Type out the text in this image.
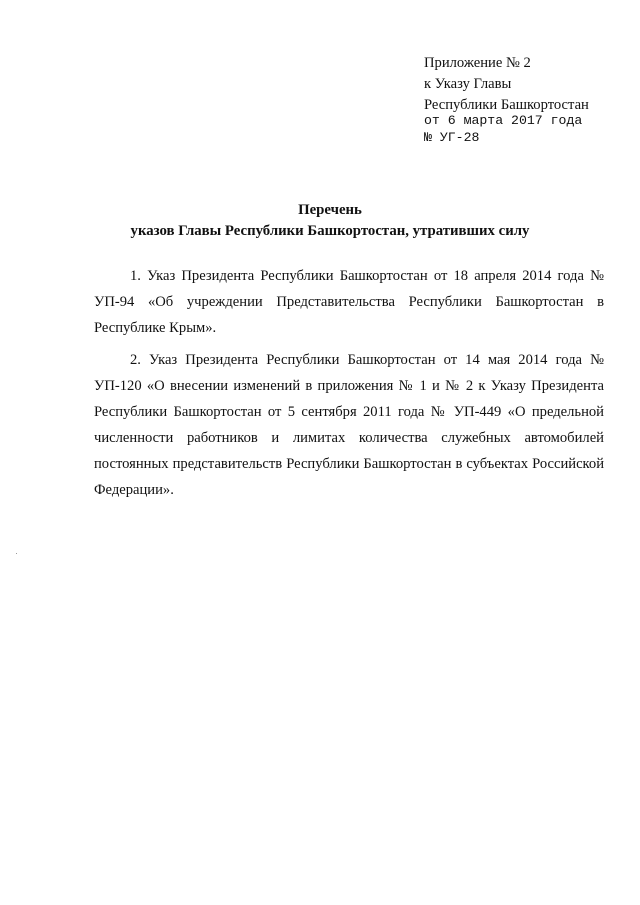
Приложение № 2
к Указу Главы
Республики Башкортостан
от 6 марта 2017 года
№ УГ-28
Перечень
указов Главы Республики Башкортостан, утративших силу

1. Указ Президента Республики Башкортостан от 18 апреля 2014 года № УП-94 «Об учреждении Представительства Республики Башкортостан в Республике Крым».

2. Указ Президента Республики Башкортостан от 14 мая 2014 года № УП-120 «О внесении изменений в приложения № 1 и № 2 к Указу Президента Республики Башкортостан от 5 сентября 2011 года № УП-449 «О предельной численности работников и лимитах количества служебных автомобилей постоянных представительств Республики Башкортостан в субъектах Российской Федерации».
